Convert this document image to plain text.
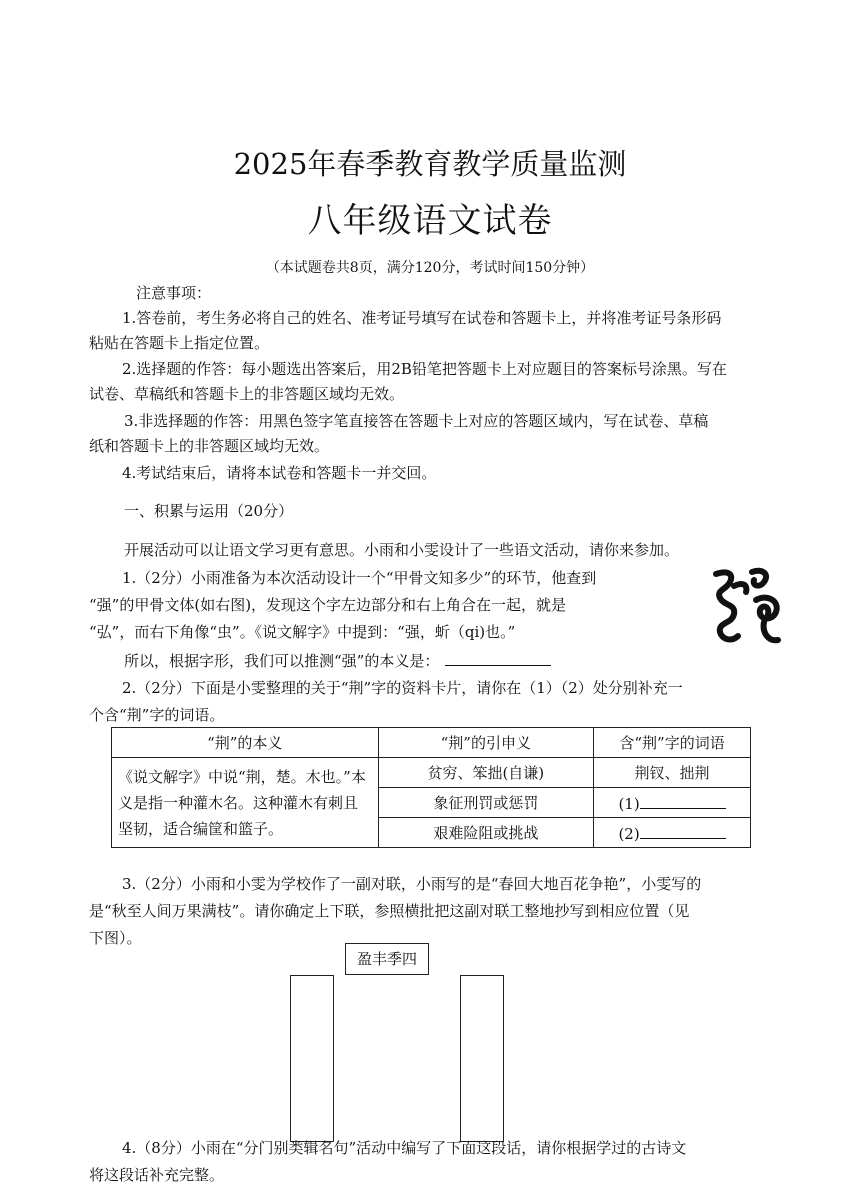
2025年春季教育教学质量监测
八年级语文试卷
（本试题卷共8页，满分120分，考试时间150分钟）
注意事项：
1.答卷前，考生务必将自己的姓名、准考证号填写在试卷和答题卡上，并将准考证号条形码
粘贴在答题卡上指定位置。
2.选择题的作答：每小题选出答案后，用2B铅笔把答题卡上对应题目的答案标号涂黑。写在
试卷、草稿纸和答题卡上的非答题区域均无效。
3.非选择题的作答：用黑色签字笔直接答在答题卡上对应的答题区域内，写在试卷、草稿
纸和答题卡上的非答题区域均无效。
4.考试结束后，请将本试卷和答题卡一并交回。
一、积累与运用（20分）
开展活动可以让语文学习更有意思。小雨和小雯设计了一些语文活动，请你来参加。
1.（2分）小雨准备为本次活动设计一个“甲骨文知多少”的环节，他查到
“强”的甲骨文体(如右图)，发现这个字左边部分和右上角合在一起，就是
“弘”，而右下角像“虫”。《说文解字》中提到：“强，蚚（qi)也。”
所以，根据字形，我们可以推测“强”的本义是：
2.（2分）下面是小雯整理的关于“荆”字的资料卡片，请你在（1）（2）处分别补充一
个含“荆”字的词语。
“荆”的本义	“荆”的引申义	含“荆”字的词语
《说文解字》中说“荆，楚。木也。”本义是指一种灌木名。这种灌木有刺且坚韧，适合编筐和篮子。	贫穷、笨拙(自谦)	荆钗、拙荆
	象征刑罚或惩罚	(1)
	艰难险阻或挑战	(2)
3.（2分）小雨和小雯为学校作了一副对联，小雨写的是“春回大地百花争艳”，小雯写的
是“秋至人间万果满枝”。请你确定上下联，参照横批把这副对联工整地抄写到相应位置（见
下图）。
盈丰季四
4.（8分）小雨在“分门别类辑名句”活动中编写了下面这段话，请你根据学过的古诗文
将这段话补充完整。
